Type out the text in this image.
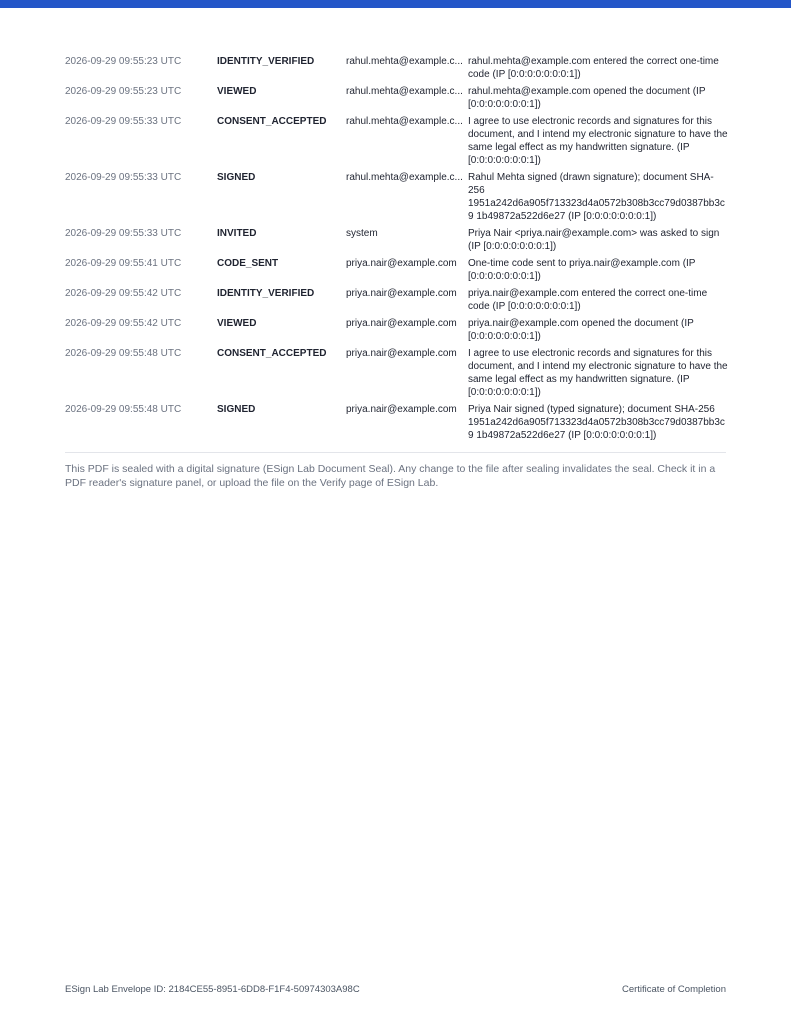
2026-09-29 09:55:23 UTC	IDENTITY_VERIFIED	rahul.mehta@example.c... rahul.mehta@example.com entered the correct one-time code (IP [0:0:0:0:0:0:0:1])
2026-09-29 09:55:23 UTC	VIEWED	rahul.mehta@example.c... rahul.mehta@example.com opened the document (IP [0:0:0:0:0:0:0:1])
2026-09-29 09:55:33 UTC	CONSENT_ACCEPTED	rahul.mehta@example.c... I agree to use electronic records and signatures for this document, and I intend my electronic signature to have the same legal effect as my handwritten signature. (IP [0:0:0:0:0:0:0:1])
2026-09-29 09:55:33 UTC	SIGNED	rahul.mehta@example.c... Rahul Mehta signed (drawn signature); document SHA-256 1951a242d6a905f713323d4a0572b308b3cc79d0387bb3c9 1b49872a522d6e27 (IP [0:0:0:0:0:0:0:1])
2026-09-29 09:55:33 UTC	INVITED	system	Priya Nair <priya.nair@example.com> was asked to sign (IP [0:0:0:0:0:0:0:1])
2026-09-29 09:55:41 UTC	CODE_SENT	priya.nair@example.com	One-time code sent to priya.nair@example.com (IP [0:0:0:0:0:0:0:1])
2026-09-29 09:55:42 UTC	IDENTITY_VERIFIED	priya.nair@example.com	priya.nair@example.com entered the correct one-time code (IP [0:0:0:0:0:0:0:1])
2026-09-29 09:55:42 UTC	VIEWED	priya.nair@example.com	priya.nair@example.com opened the document (IP [0:0:0:0:0:0:0:1])
2026-09-29 09:55:48 UTC	CONSENT_ACCEPTED	priya.nair@example.com	I agree to use electronic records and signatures for this document, and I intend my electronic signature to have the same legal effect as my handwritten signature. (IP [0:0:0:0:0:0:0:1])
2026-09-29 09:55:48 UTC	SIGNED	priya.nair@example.com	Priya Nair signed (typed signature); document SHA-256 1951a242d6a905f713323d4a0572b308b3cc79d0387bb3c9 1b49872a522d6e27 (IP [0:0:0:0:0:0:0:1])
This PDF is sealed with a digital signature (ESign Lab Document Seal). Any change to the file after sealing invalidates the seal. Check it in a PDF reader's signature panel, or upload the file on the Verify page of ESign Lab.
ESign Lab Envelope ID: 2184CE55-8951-6DD8-F1F4-50974303A98C	Certificate of Completion
